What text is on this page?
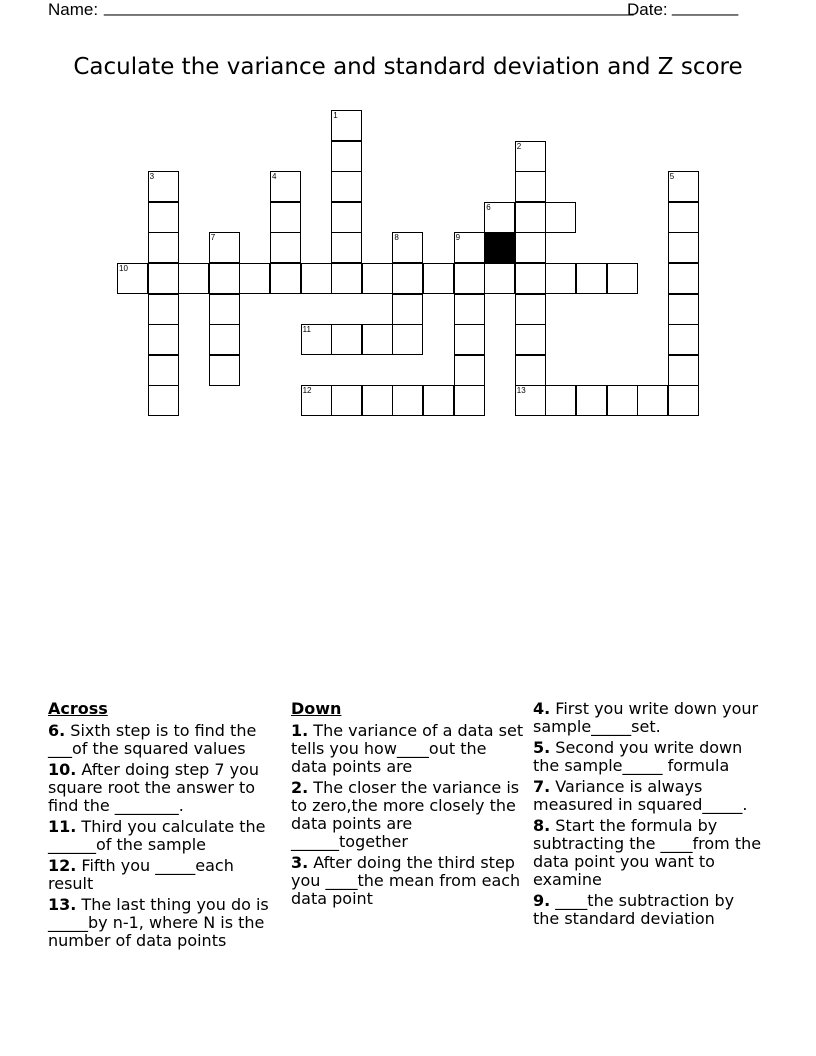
Name: ________________________________________________________
Date: _______
Caculate the variance and standard deviation and Z score
1
2
13
3	4	5
6
7	8	9
10
11
12
Across
6. Sixth step is to find the ___of the squared values
10. After doing step 7 you square root the answer to find the ________.
11. Third you calculate the ______of the sample
12. Fifth you _____each result
13. The last thing you do is _____by n-1, where N is the number of data points
Down
1. The variance of a data set tells you how____out the data points are
2. The closer the variance is to zero,the more closely the data points are ______together
3. After doing the third step you ____the mean from each data point
4. First you write down your sample_____set.
5. Second you write down the sample_____ formula
7. Variance is always measured in squared_____.
8. Start the formula by subtracting the ____from the data point you want to examine
9. ____the subtraction by the standard deviation
